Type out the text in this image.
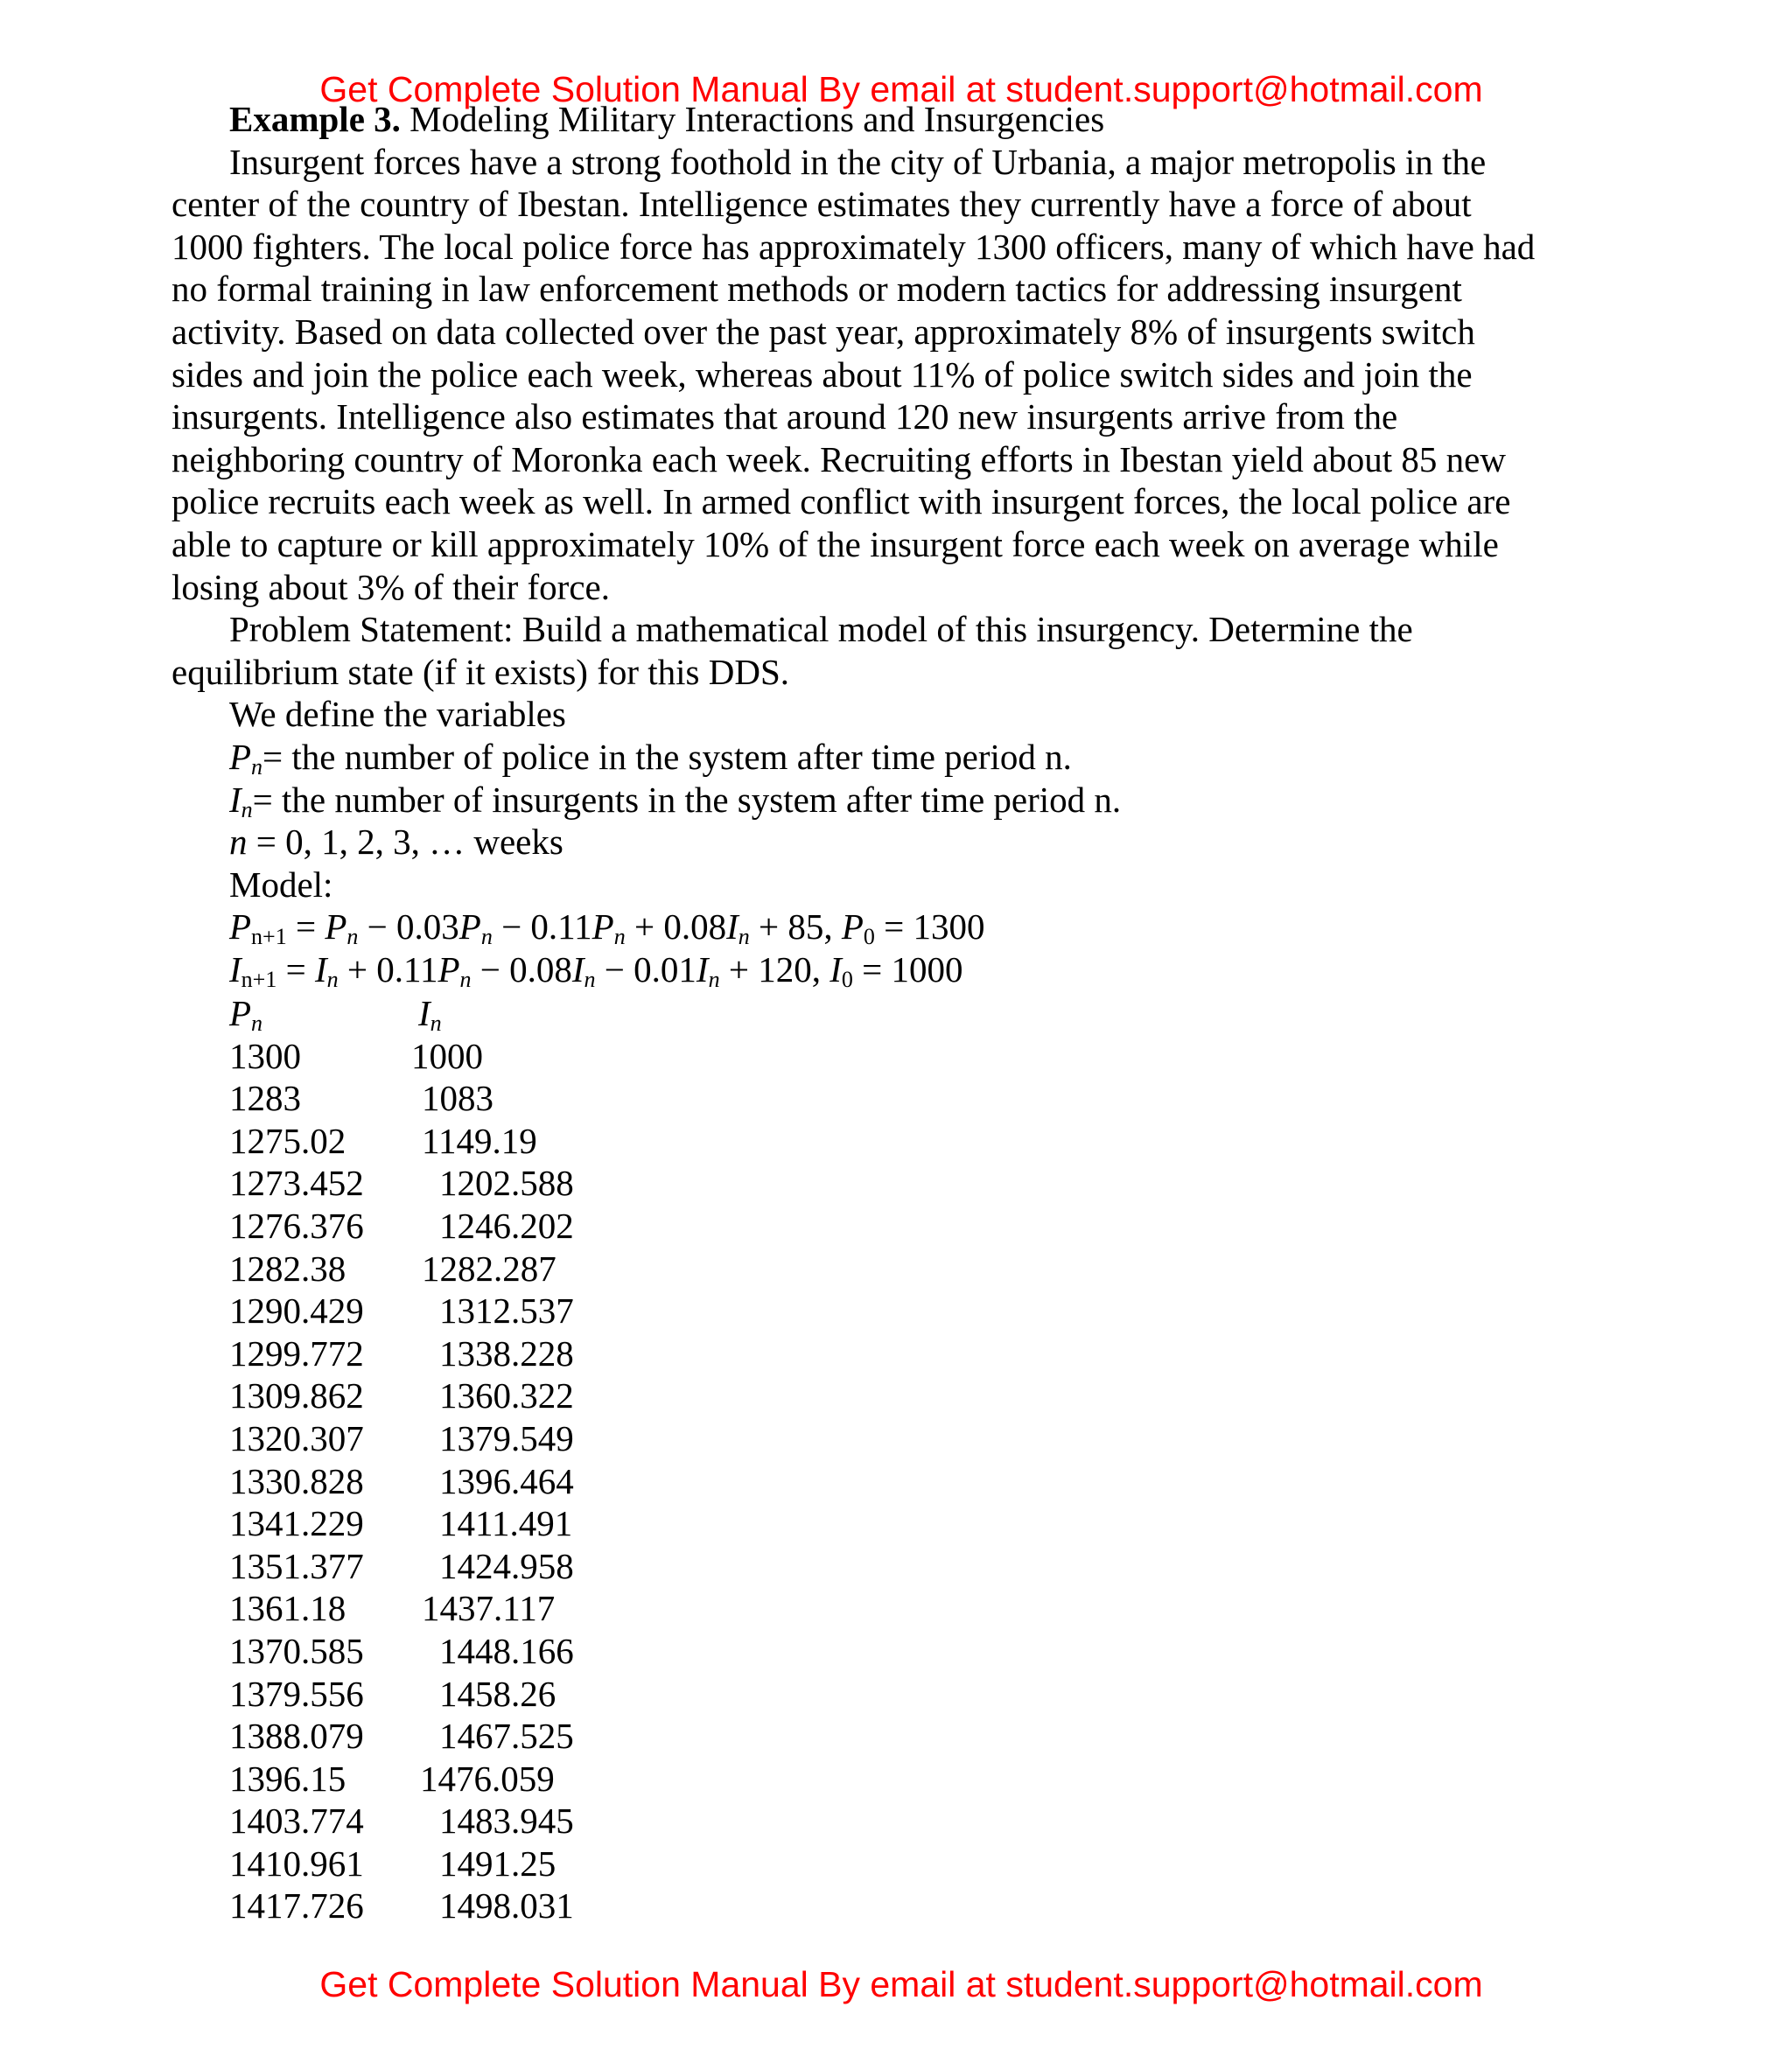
Get Complete Solution Manual By email at student.support@hotmail.com
Example 3. Modeling Military Interactions and Insurgencies
Insurgent forces have a strong foothold in the city of Urbania, a major metropolis in the
center of the country of Ibestan. Intelligence estimates they currently have a force of about
1000 fighters. The local police force has approximately 1300 officers, many of which have had
no formal training in law enforcement methods or modern tactics for addressing insurgent
activity. Based on data collected over the past year, approximately 8% of insurgents switch
sides and join the police each week, whereas about 11% of police switch sides and join the
insurgents. Intelligence also estimates that around 120 new insurgents arrive from the
neighboring country of Moronka each week. Recruiting efforts in Ibestan yield about 85 new
police recruits each week as well. In armed conflict with insurgent forces, the local police are
able to capture or kill approximately 10% of the insurgent force each week on average while
losing about 3% of their force.
Problem Statement: Build a mathematical model of this insurgency. Determine the
equilibrium state (if it exists) for this DDS.
We define the variables
$P_n=$ the number of police in the system after time period n.
$I_n=$ the number of insurgents in the system after time period n.
n = 0, 1, 2, 3, … weeks
Model:
$P_{n+1} = P_n - 0.03P_n - 0.11P_n + 0.08I_n + 85$, $P_0 = 1300$
$I_{n+1} = I_n + 0.11P_n - 0.08I_n - 0.01I_n + 120$, $I_0 = 1000$
$P_n$	$I_n$
1300	1000
1283	1083
1275.02 1149.19
1273.452 1202.588
1276.376 1246.202
1282.38 1282.287
1290.429 1312.537
1299.772 1338.228
1309.862 1360.322
1320.307 1379.549
1330.828 1396.464
1341.229 1411.491
1351.377 1424.958
1361.18 1437.117
1370.585 1448.166
1379.556 1458.26
1388.079 1467.525
1396.15 1476.059
1403.774 1483.945
1410.961 1491.25
1417.726 1498.031
Get Complete Solution Manual By email at student.support@hotmail.com
